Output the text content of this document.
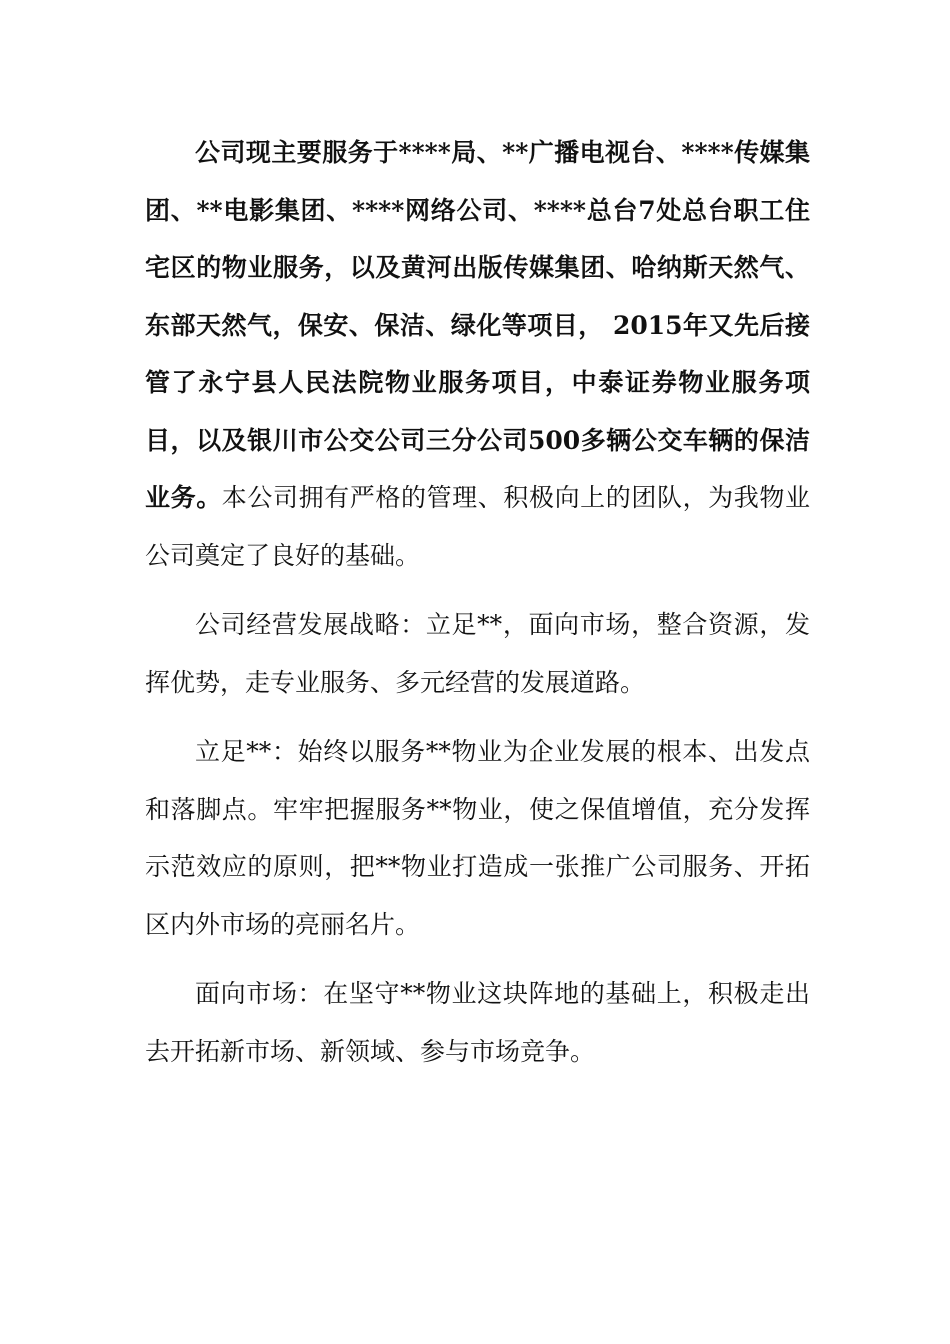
公司现主要服务于****局、**广播电视台、****传媒集团、**电影集团、****网络公司、****总台7处总台职工住宅区的物业服务，以及黄河出版传媒集团、哈纳斯天然气、东部天然气，保安、保洁、绿化等项目， 2015年又先后接管了永宁县人民法院物业服务项目，中泰证券物业服务项目，以及银川市公交公司三分公司500多辆公交车辆的保洁业务。本公司拥有严格的管理、积极向上的团队，为我物业公司奠定了良好的基础。

公司经营发展战略：立足**，面向市场，整合资源，发挥优势，走专业服务、多元经营的发展道路。

立足**：始终以服务**物业为企业发展的根本、出发点和落脚点。牢牢把握服务**物业，使之保值增值，充分发挥示范效应的原则，把**物业打造成一张推广公司服务、开拓区内外市场的亮丽名片。

面向市场：在坚守**物业这块阵地的基础上，积极走出去开拓新市场、新领域、参与市场竞争。
